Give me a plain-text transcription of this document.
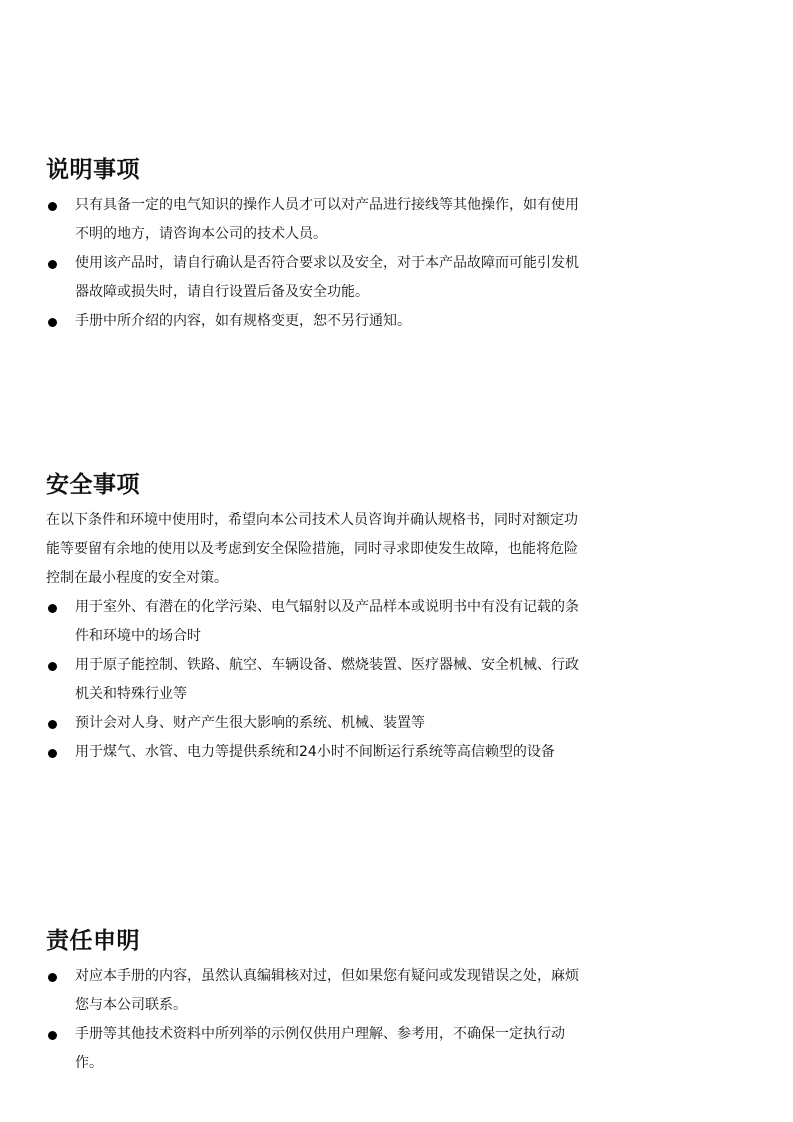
说明事项
只有具备一定的电气知识的操作人员才可以对产品进行接线等其他操作，如有使用不明的地方，请咨询本公司的技术人员。
使用该产品时，请自行确认是否符合要求以及安全，对于本产品故障而可能引发机器故障或损失时，请自行设置后备及安全功能。
手册中所介绍的内容，如有规格变更，恕不另行通知。
安全事项

在以下条件和环境中使用时，希望向本公司技术人员咨询并确认规格书，同时对额定功能等要留有余地的使用以及考虑到安全保险措施，同时寻求即使发生故障，也能将危险控制在最小程度的安全对策。

用于室外、有潜在的化学污染、电气辐射以及产品样本或说明书中有没有记载的条件和环境中的场合时
用于原子能控制、铁路、航空、车辆设备、燃烧装置、医疗器械、安全机械、行政机关和特殊行业等
预计会对人身、财产产生很大影响的系统、机械、装置等
用于煤气、水管、电力等提供系统和24小时不间断运行系统等高信赖型的设备
责任申明
对应本手册的内容，虽然认真编辑核对过，但如果您有疑问或发现错误之处，麻烦您与本公司联系。
手册等其他技术资料中所列举的示例仅供用户理解、参考用，不确保一定执行动作。
